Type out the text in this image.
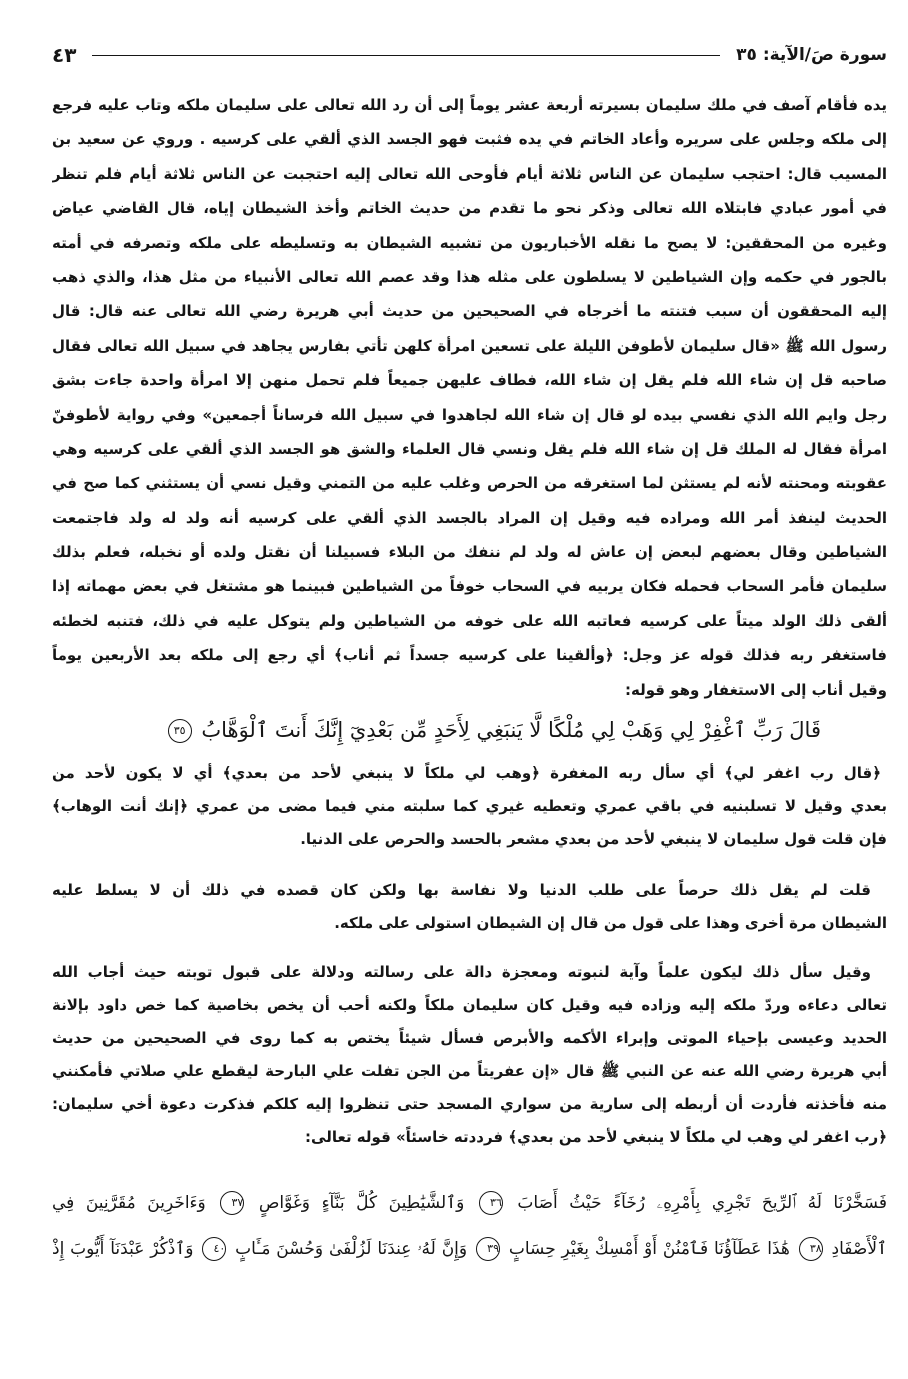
سورة صَ/الآية: ٣٥
٤٣
يده فأقام آصف في ملك سليمان بسيرته أربعة عشر يوماً إلى أن رد الله تعالى على سليمان ملكه وتاب عليه فرجع
إلى ملكه وجلس على سريره وأعاد الخاتم في يده فثبت فهو الجسد الذي ألقي على كرسيه . وروي عن سعيد بن
المسيب قال: احتجب سليمان عن الناس ثلاثة أيام فأوحى الله تعالى إليه احتجبت عن الناس ثلاثة أيام فلم تنظر
في أمور عبادي فابتلاه الله تعالى وذكر نحو ما تقدم من حديث الخاتم وأخذ الشيطان إياه، قال القاضي عياض
وغيره من المحققين: لا يصح ما نقله الأخباريون من تشبيه الشيطان به وتسليطه على ملكه وتصرفه في أمته
بالجور في حكمه وإن الشياطين لا يسلطون على مثله هذا وقد عصم الله تعالى الأنبياء من مثل هذا، والذي ذهب
إليه المحققون أن سبب فتنته ما أخرجاه في الصحيحين من حديث أبي هريرة رضي الله تعالى عنه قال: قال
رسول الله ﷺ «قال سليمان لأطوفن الليلة على تسعين امرأة كلهن تأتي بفارس يجاهد في سبيل الله تعالى فقال
صاحبه قل إن شاء الله فلم يقل إن شاء الله، فطاف عليهن جميعاً فلم تحمل منهن إلا امرأة واحدة جاءت بشق
رجل وايم الله الذي نفسي بيده لو قال إن شاء الله لجاهدوا في سبيل الله فرساناً أجمعين» وفي رواية لأطوفنّ
امرأة فقال له الملك قل إن شاء الله فلم يقل ونسي قال العلماء والشق هو الجسد الذي ألقي على كرسيه وهي
عقوبته ومحنته لأنه لم يستثن لما استغرقه من الحرص وغلب عليه من التمني وقيل نسي أن يستثني كما صح في
الحديث لينفذ أمر الله ومراده فيه وقيل إن المراد بالجسد الذي ألقي على كرسيه أنه ولد له ولد فاجتمعت
الشياطين وقال بعضهم لبعض إن عاش له ولد لم ننفك من البلاء فسبيلنا أن نقتل ولده أو نخبله، فعلم بذلك
سليمان فأمر السحاب فحمله فكان يربيه في السحاب خوفاً من الشياطين فبينما هو مشتغل في بعض مهماته إذا
ألقى ذلك الولد ميتاً على كرسيه فعاتبه الله على خوفه من الشياطين ولم يتوكل عليه في ذلك، فتنبه لخطئه
فاستغفر ربه فذلك قوله عز وجل: ﴿وألقينا على كرسيه جسداً ثم أناب﴾ أي رجع إلى ملكه بعد الأربعين يوماً
وقيل أناب إلى الاستغفار وهو قوله:
قَالَ رَبِّ ٱغْفِرْ لِي وَهَبْ لِي مُلْكًا لَّا يَنبَغِي لِأَحَدٍ مِّن بَعْدِيٓ إِنَّكَ أَنتَ ٱلْوَهَّابُ ٣٥
﴿قال رب اغفر لي﴾ أي سأل ربه المغفرة ﴿وهب لي ملكاً لا ينبغي لأحد من بعدي﴾ أي لا يكون لأحد من
بعدي وقيل لا تسلبنيه في باقي عمري وتعطيه غيري كما سلبته مني فيما مضى من عمري ﴿إنك أنت الوهاب﴾
فإن قلت قول سليمان لا ينبغي لأحد من بعدي مشعر بالحسد والحرص على الدنيا.
قلت لم يقل ذلك حرصاً على طلب الدنيا ولا نفاسة بها ولكن كان قصده في ذلك أن لا يسلط عليه
الشيطان مرة أخرى وهذا على قول من قال إن الشيطان استولى على ملكه.
وقيل سأل ذلك ليكون علماً وآية لنبوته ومعجزة دالة على رسالته ودلالة على قبول توبته حيث أجاب الله
تعالى دعاءه وردّ ملكه إليه وزاده فيه وقيل كان سليمان ملكاً ولكنه أحب أن يخص بخاصية كما خص داود بإلانة
الحديد وعيسى بإحياء الموتى وإبراء الأكمه والأبرص فسأل شيئاً يختص به كما روى في الصحيحين من حديث
أبي هريرة رضي الله عنه عن النبي ﷺ قال «إن عفريتاً من الجن تفلت علي البارحة ليقطع علي صلاتي فأمكنني
منه فأخذته فأردت أن أربطه إلى سارية من سواري المسجد حتى تنظروا إليه كلكم فذكرت دعوة أخي سليمان:
﴿رب اغفر لي وهب لي ملكاً لا ينبغي لأحد من بعدي﴾ فرددته خاسئاً» قوله تعالى:
فَسَخَّرْنَا لَهُ ٱلرِّيحَ تَجْرِي بِأَمْرِهِۦ رُخَآءً حَيْثُ أَصَابَ ٣٦ وَٱلشَّيَٰطِينَ كُلَّ بَنَّآءٍ وَغَوَّاصٍ ٣٧ وَءَاخَرِينَ مُقَرَّنِينَ فِي
ٱلْأَصْفَادِ ٣٨ هَٰذَا عَطَآؤُنَا فَٱمْنُنْ أَوْ أَمْسِكْ بِغَيْرِ حِسَابٍ ٣٩ وَإِنَّ لَهُۥ عِندَنَا لَزُلْفَىٰ وَحُسْنَ مَـَٔابٍ ٤٠ وَٱذْكُرْ عَبْدَنَآ أَيُّوبَ إِذْ
